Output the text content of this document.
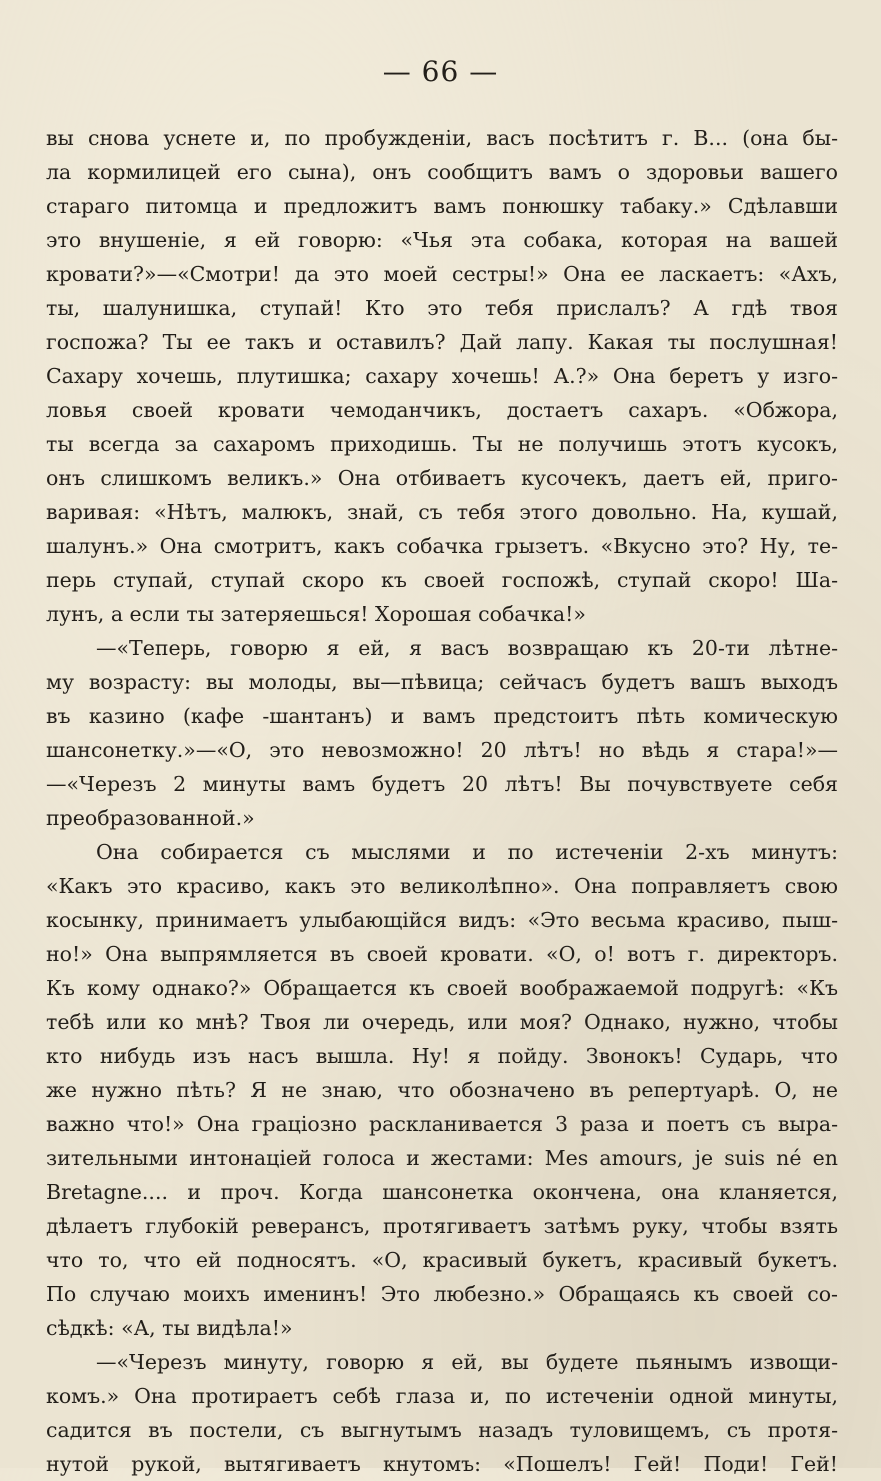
— 66 —
вы снова уснете и, по пробужденіи, васъ посѣтитъ г. В... (она бы-
ла кормилицей его сына), онъ сообщитъ вамъ о здоровьи вашего
стараго питомца и предложитъ вамъ понюшку табаку.» Сдѣлавши
это внушеніе, я ей говорю: «Чья эта собака, которая на вашей
кровати?»—«Смотри! да это моей сестры!» Она ее ласкаетъ: «Ахъ,
ты, шалунишка, ступай! Кто это тебя прислалъ? А гдѣ твоя
госпожа? Ты ее такъ и оставилъ? Дай лапу. Какая ты послушная!
Сахару хочешь, плутишка; сахару хочешь! А.?» Она беретъ у изго-
ловья своей кровати чемоданчикъ, достаетъ сахаръ. «Обжора,
ты всегда за сахаромъ приходишь. Ты не получишь этотъ кусокъ,
онъ слишкомъ великъ.» Она отбиваетъ кусочекъ, даетъ ей, приго-
варивая: «Нѣтъ, малюкъ, знай, съ тебя этого довольно. На, кушай,
шалунъ.» Она смотритъ, какъ собачка грызетъ. «Вкусно это? Ну, те-
перь ступай, ступай скоро къ своей госпожѣ, ступай скоро! Ша-
лунъ, а если ты затеряешься! Хорошая собачка!»
—«Теперь, говорю я ей, я васъ возвращаю къ 20-ти лѣтне-
му возрасту: вы молоды, вы—пѣвица; сейчасъ будетъ вашъ выходъ
въ казино (кафе -шантанъ) и вамъ предстоитъ пѣть комическую
шансонетку.»—«О, это невозможно! 20 лѣтъ! но вѣдь я стара!»—
—«Черезъ 2 минуты вамъ будетъ 20 лѣтъ! Вы почувствуете себя
преобразованной.»
Она собирается съ мыслями и по истеченіи 2-хъ минутъ:
«Какъ это красиво, какъ это великолѣпно». Она поправляетъ свою
косынку, принимаетъ улыбающійся видъ: «Это весьма красиво, пыш-
но!» Она выпрямляется въ своей кровати. «О, о! вотъ г. директоръ.
Къ кому однако?» Обращается къ своей воображаемой подругѣ: «Къ
тебѣ или ко мнѣ? Твоя ли очередь, или моя? Однако, нужно, чтобы
кто нибудь изъ насъ вышла. Ну! я пойду. Звонокъ! Сударь, что
же нужно пѣть? Я не знаю, что обозначено въ репертуарѣ. О, не
важно что!» Она граціозно раскланивается 3 раза и поетъ съ выра-
зительными интонацiей голоса и жестами: Mes amours, je suis né en
Bretagne.... и проч. Когда шансонетка окончена, она кланяется,
дѣлаетъ глубокій реверансъ, протягиваетъ затѣмъ руку, чтобы взять
что то, что ей подносятъ. «О, красивый букетъ, красивый букетъ.
По случаю моихъ именинъ! Это любезно.» Обращаясь къ своей со-
сѣдкѣ: «А, ты видѣла!»
—«Черезъ минуту, говорю я ей, вы будете пьянымъ извощи-
комъ.» Она протираетъ себѣ глаза и, по истеченіи одной минуты,
садится въ постели, съ выгнутымъ назадъ туловищемъ, съ протя-
нутой рукой, вытягиваетъ кнутомъ: «Пошелъ! Гей! Поди! Гей!
